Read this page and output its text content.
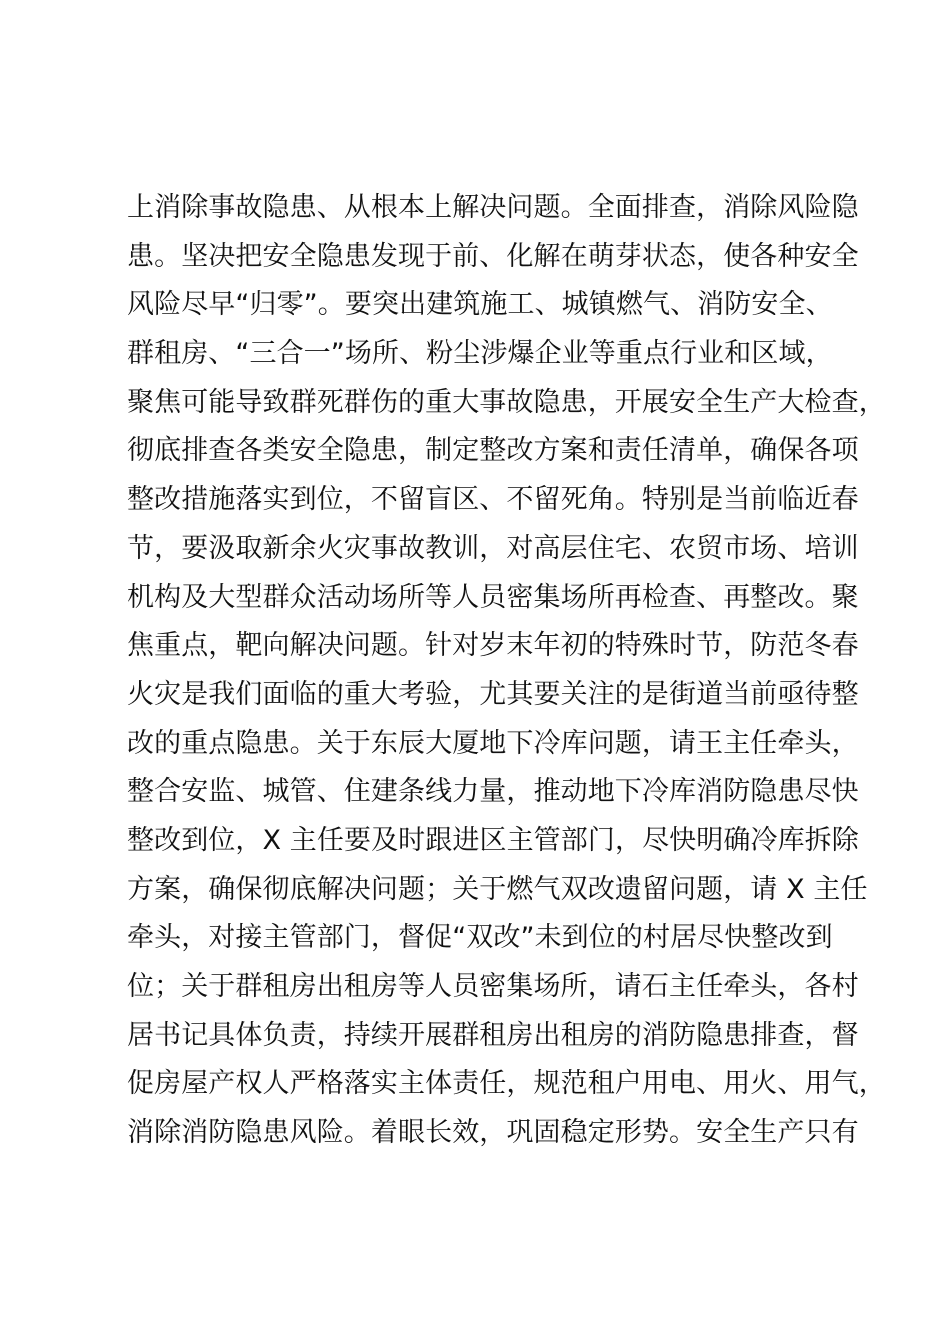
上消除事故隐患、从根本上解决问题。全面排查，消除风险隐
患。坚决把安全隐患发现于前、化解在萌芽状态，使各种安全
风险尽早“归零”。要突出建筑施工、城镇燃气、消防安全、
群租房、“三合一”场所、粉尘涉爆企业等重点行业和区域，
聚焦可能导致群死群伤的重大事故隐患，开展安全生产大检查，
彻底排查各类安全隐患，制定整改方案和责任清单，确保各项
整改措施落实到位，不留盲区、不留死角。特别是当前临近春
节，要汲取新余火灾事故教训，对高层住宅、农贸市场、培训
机构及大型群众活动场所等人员密集场所再检查、再整改。聚
焦重点，靶向解决问题。针对岁末年初的特殊时节，防范冬春
火灾是我们面临的重大考验，尤其要关注的是街道当前亟待整
改的重点隐患。关于东辰大厦地下冷库问题，请王主任牵头，
整合安监、城管、住建条线力量，推动地下冷库消防隐患尽快
整改到位，X 主任要及时跟进区主管部门，尽快明确冷库拆除
方案，确保彻底解决问题；关于燃气双改遗留问题，请 X 主任
牵头，对接主管部门，督促“双改”未到位的村居尽快整改到
位；关于群租房出租房等人员密集场所，请石主任牵头，各村
居书记具体负责，持续开展群租房出租房的消防隐患排查，督
促房屋产权人严格落实主体责任，规范租户用电、用火、用气，
消除消防隐患风险。着眼长效，巩固稳定形势。安全生产只有
